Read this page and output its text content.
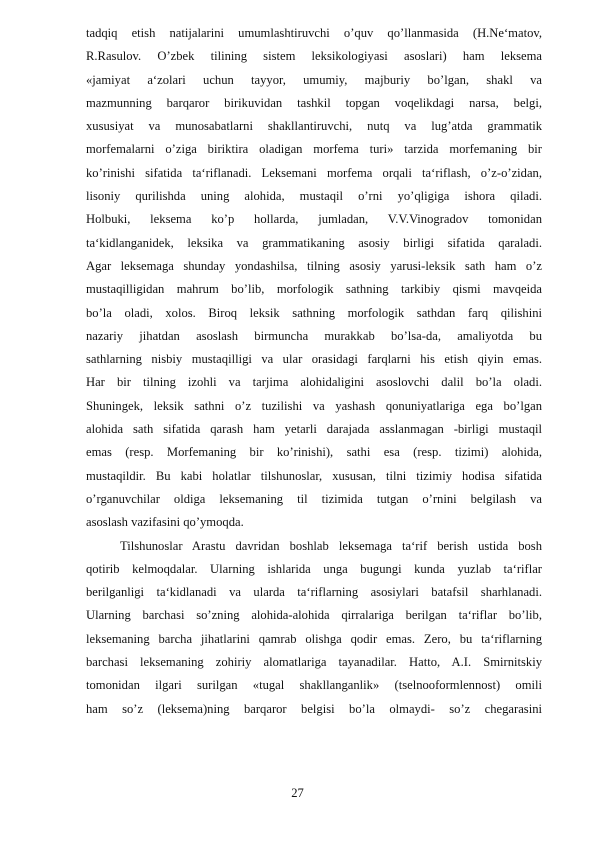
tadqiq etish natijalarini umumlashtiruvchi o’quv qo’llanmasida (H.Ne‘matov,
R.Rasulov. O’zbek tilining sistem leksikologiyasi asoslari) ham leksema
«jamiyat a‘zolari uchun tayyor, umumiy, majburiy bo’lgan, shakl va
mazmunning barqaror birikuvidan tashkil topgan voqelikdagi narsa, belgi,
xususiyat va munosabatlarni shakllantiruvchi, nutq va lug’atda grammatik
morfemalarni o’ziga biriktira oladigan morfema turi» tarzida morfemaning bir
ko’rinishi sifatida ta‘riflanadi. Leksemani morfema orqali ta‘riflash, o’z-o’zidan,
lisoniy qurilishda uning alohida, mustaqil o’rni yo’qligiga ishora qiladi.
Holbuki, leksema ko’p hollarda, jumladan, V.V.Vinogradov tomonidan
ta‘kidlanganidek, leksika va grammatikaning asosiy birligi sifatida qaraladi.
Agar leksemaga shunday yondashilsa, tilning asosiy yarusi-leksik sath ham o’z
mustaqilligidan mahrum bo’lib, morfologik sathning tarkibiy qismi mavqeida
bo’la oladi, xolos. Biroq leksik sathning morfologik sathdan farq qilishini
nazariy jihatdan asoslash birmuncha murakkab bo’lsa-da, amaliyotda bu
sathlarning nisbiy mustaqilligi va ular orasidagi farqlarni his etish qiyin emas.
Har bir tilning izohli va tarjima alohidaligini asoslovchi dalil bo’la oladi.
Shuningek, leksik sathni o’z tuzilishi va yashash qonuniyatlariga ega bo’lgan
alohida sath sifatida qarash ham yetarli darajada asslanmagan -birligi mustaqil
emas (resp. Morfemaning bir ko’rinishi), sathi esa (resp. tizimi) alohida,
mustaqildir. Bu kabi holatlar tilshunoslar, xususan, tilni tizimiy hodisa sifatida
o’rganuvchilar oldiga leksemaning til tizimida tutgan o’rnini belgilash va
asoslash vazifasini qo’ymoqda.
Tilshunoslar Arastu davridan boshlab leksemaga ta‘rif berish ustida bosh
qotirib kelmoqdalar. Ularning ishlarida unga bugungi kunda yuzlab ta‘riflar
berilganligi ta‘kidlanadi va ularda ta‘riflarning asosiylari batafsil sharhlanadi.
Ularning barchasi so’zning alohida-alohida qirralariga berilgan ta‘riflar bo’lib,
leksemaning barcha jihatlarini qamrab olishga qodir emas. Zero, bu ta‘riflarning
barchasi leksemaning zohiriy alomatlariga tayanadilar. Hatto, A.I. Smirnitskiy
tomonidan ilgari surilgan «tugal shakllanganlik» (tselnooformlennost) omili
ham so’z (leksema)ning barqaror belgisi bo’la olmaydi- so’z chegarasini
27
